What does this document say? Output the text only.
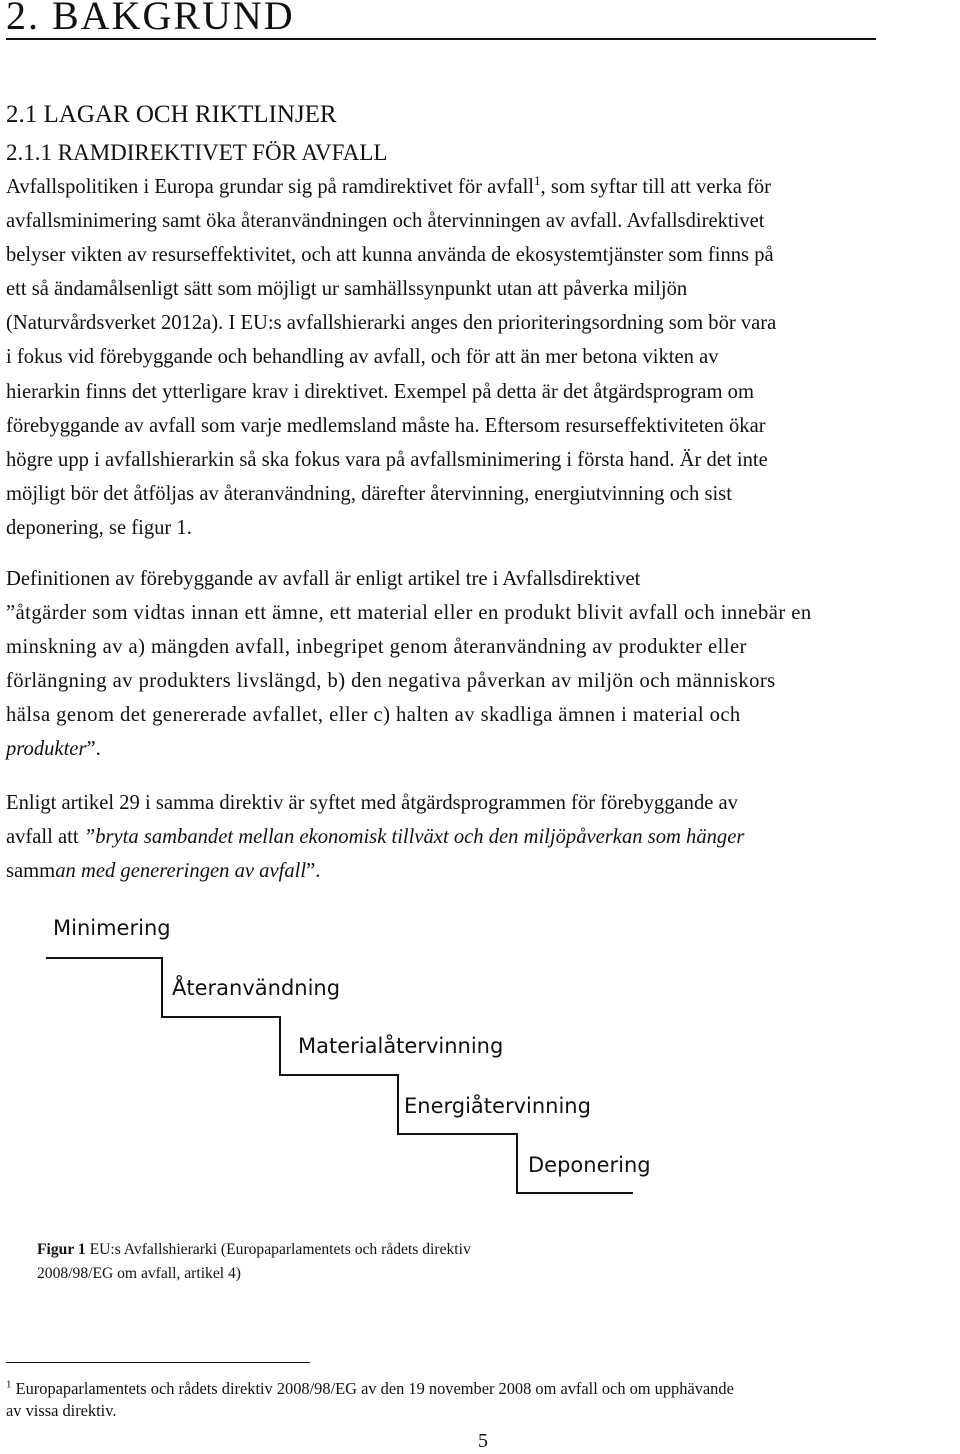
2. BAKGRUND
2.1 LAGAR OCH RIKTLINJER
2.1.1 RAMDIREKTIVET FÖR AVFALL

Avfallspolitiken i Europa grundar sig på ramdirektivet för avfall$^1$, som syftar till att verka för

avfallsminimering samt öka återanvändningen och återvinningen av avfall. Avfallsdirektivet

belyser vikten av resurseffektivitet, och att kunna använda de ekosystemtjänster som finns på

ett så ändamålsenligt sätt som möjligt ur samhällssynpunkt utan att påverka miljön

(Naturvårdsverket 2012a). I EU:s avfallshierarki anges den prioriteringsordning som bör vara

i fokus vid förebyggande och behandling av avfall, och för att än mer betona vikten av

hierarkin finns det ytterligare krav i direktivet. Exempel på detta är det åtgärdsprogram om

förebyggande av avfall som varje medlemsland måste ha. Eftersom resurseffektiviteten ökar

högre upp i avfallshierarkin så ska fokus vara på avfallsminimering i första hand. Är det inte

möjligt bör det åtföljas av återanvändning, därefter återvinning, energiutvinning och sist

deponering, se figur 1.

Definitionen av förebyggande av avfall är enligt artikel tre i Avfallsdirektivet

”åtgärder som vidtas innan ett ämne, ett material eller en produkt blivit avfall och innebär en

minskning av a) mängden avfall, inbegripet genom återanvändning av produkter eller

förlängning av produkters livslängd, b) den negativa påverkan av miljön och människors

hälsa genom det genererade avfallet, eller c) halten av skadliga ämnen i material och

produkter”.

Enligt artikel 29 i samma direktiv är syftet med åtgärdsprogrammen för förebyggande av

avfall att ”bryta sambandet mellan ekonomisk tillväxt och den miljöpåverkan som hänger

samman med genereringen av avfall”.

Minimering
Återanvändning
Materialåtervinning
Energiåtervinning
Deponering

Figur 1 EU:s Avfallshierarki (Europaparlamentets och rådets direktiv

2008/98/EG om avfall, artikel 4)

$^1$ Europaparlamentets och rådets direktiv 2008/98/EG av den 19 november 2008 om avfall och om upphävande

av vissa direktiv.

5
